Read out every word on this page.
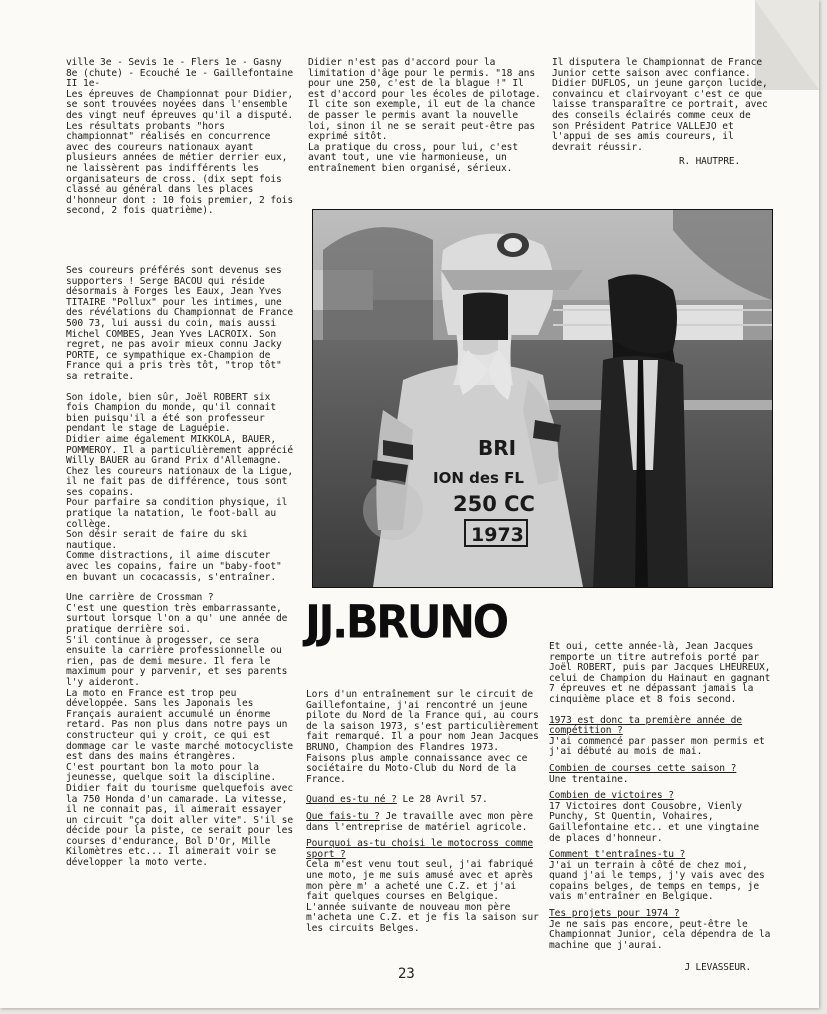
ville 3e - Sevis 1e - Flers 1e - Gasny 8e (chute) - Ecouché 1e - Gaillefontaine II 1e-
Les épreuves de Championnat pour Didier, se sont trouvées noyées dans l'ensemble des vingt neuf épreuves qu'il a disputé.
Les résultats probants "hors championnat" réalisés en concurrence avec des coureurs nationaux ayant plusieurs années de métier derrier eux, ne laissèrent pas indifférents les organisateurs de cross. (dix sept fois classé au général dans les places d'honneur dont : 10 fois premier, 2 fois second, 2 fois quatrième).

Ses coureurs préférés sont devenus ses supporters ! Serge BACOU qui réside désormais à Forges les Eaux, Jean Yves TITAIRE "Pollux" pour les intimes, une des révélations du Championnat de France 500 73, lui aussi du coin, mais aussi Michel COMBES, Jean Yves LACROIX. Son regret, ne pas avoir mieux connu Jacky PORTE, ce sympathique ex-Champion de France qui a pris très tôt, "trop tôt" sa retraite.

Son idole, bien sûr, Joël ROBERT six fois Champion du monde, qu'il connait bien puisqu'il a été son professeur pendant le stage de Laguépie.
Didier aime également MIKKOLA, BAUER, POMMEROY. Il a particulièrement apprécié Willy BAUER au Grand Prix d'Allemagne.
Chez les coureurs nationaux de la Ligue, il ne fait pas de différence, tous sont ses copains.
Pour parfaire sa condition physique, il pratique la natation, le foot-ball au collège.
Son désir serait de faire du ski nautique.
Comme distractions, il aime discuter avec les copains, faire un "baby-foot" en buvant un cocacassis, s'entraîner.

Une carrière de Crossman ?
C'est une question très embarrassante, surtout lorsque l'on a qu' une année de pratique derrière soi.
S'il continue à progesser, ce sera ensuite la carrière professionnelle ou rien, pas de demi mesure. Il fera le maximum pour y parvenir, et ses parents l'y aideront.
La moto en France est trop peu développée. Sans les Japonais les Français auraient accumulé un énorme retard. Pas non plus dans notre pays un constructeur qui y croit, ce qui est dommage car le vaste marché motocycliste est dans des mains étrangères.
C'est pourtant bon la moto pour la jeunesse, quelque soit la discipline.
Didier fait du tourisme quelquefois avec la 750 Honda d'un camarade. La vitesse, il ne connait pas, il aimerait essayer un circuit "ça doit aller vite". S'il se décide pour la piste, ce serait pour les courses d'endurance, Bol D'Or, Mille Kilomètres etc... Il aimerait voir se développer la moto verte.

Didier n'est pas d'accord pour la limitation d'âge pour le permis. "18 ans pour une 250, c'est de la blague !" Il est d'accord pour les écoles de pilotage. Il cite son exemple, il eut de la chance de passer le permis avant la nouvelle loi, sinon il ne se serait peut-être pas exprimé sitôt.
La pratique du cross, pour lui, c'est avant tout, une vie harmonieuse, un entraînement bien organisé, sérieux.

Il disputera le Championnat de France Junior cette saison avec confiance.
Didier DUFLOS, un jeune garçon lucide, convaincu et clairvoyant c'est ce que laisse transparaître ce portrait, avec des conseils éclairés comme ceux de son Président Patrice VALLEJO et l'appui de ses amis coureurs, il devrait réussir.

R. HAUTPRE.
BRI
ION des FL
250 CC
1973
JJ.BRUNO

Lors d'un entraînement sur le circuit de Gaillefontaine, j'ai rencontré un jeune pilote du Nord de la France qui, au cours de la saison 1973, s'est particulièrement fait remarqué. Il a pour nom Jean Jacques BRUNO, Champion des Flandres 1973. Faisons plus ample connaissance avec ce sociétaire du Moto-Club du Nord de la France.

Quand es-tu né ? Le 28 Avril 57.
Que fais-tu ? Je travaille avec mon père dans l'entreprise de matériel agricole.
Pourquoi as-tu choisi le motocross comme sport ?
Cela m'est venu tout seul, j'ai fabriqué une moto, je me suis amusé avec et après mon père m' a acheté une C.Z. et j'ai fait quelques courses en Belgique.
L'année suivante de nouveau mon père m'acheta une C.Z. et je fis la saison sur les circuits Belges.

Et oui, cette année-là, Jean Jacques remporte un titre autrefois porté par Joël ROBERT, puis par Jacques LHEUREUX, celui de Champion du Hainaut en gagnant 7 épreuves et ne dépassant jamais la cinquième place et 8 fois second.

1973 est donc ta première année de compétition ?
J'ai commencé par passer mon permis et j'ai débuté au mois de mai.
Combien de courses cette saison ?
Une trentaine.
Combien de victoires ?
17 Victoires dont Cousobre, Vienly Punchy, St Quentin, Vohaires, Gaillefontaine etc.. et une vingtaine de places d'honneur.
Comment t'entraînes-tu ?
J'ai un terrain à côté de chez moi, quand j'ai le temps, j'y vais avec des copains belges, de temps en temps, je vais m'entraîner en Belgique.
Tes projets pour 1974 ?
Je ne sais pas encore, peut-être le Championnat Junior, cela dépendra de la machine que j'aurai.
J LEVASSEUR.
23
